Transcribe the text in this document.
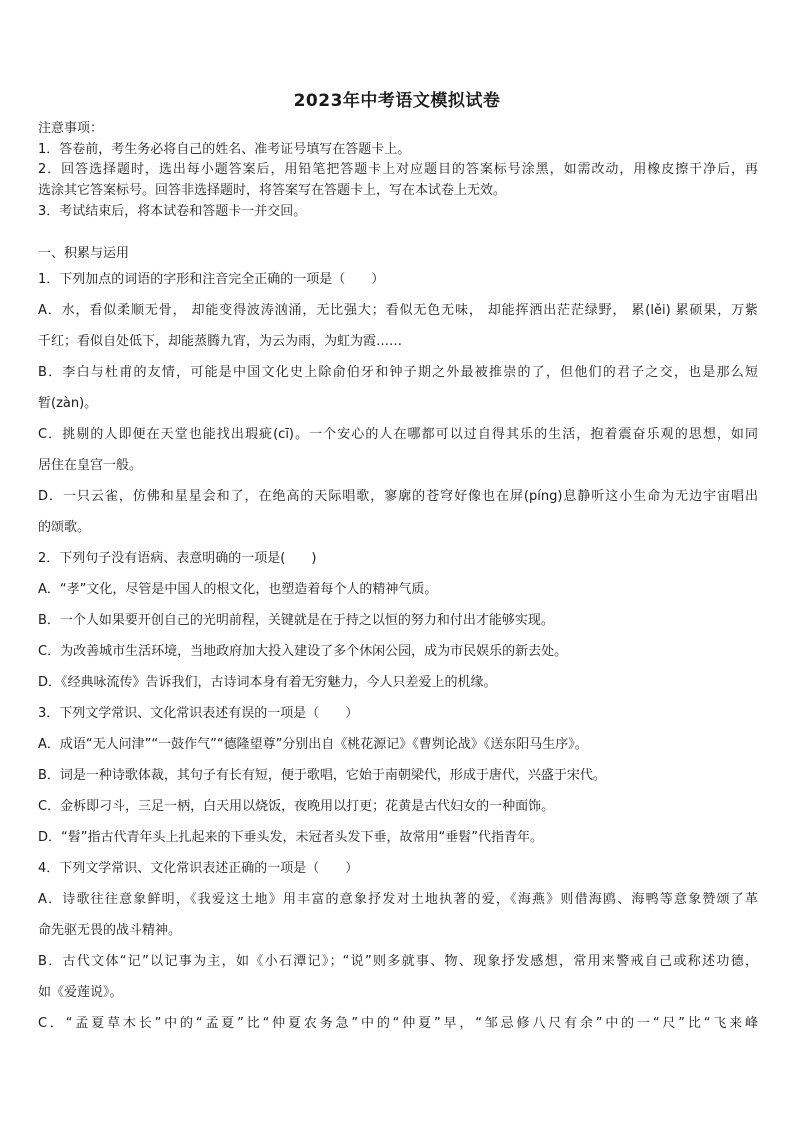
2023年中考语文模拟试卷
注意事项：
1．答卷前，考生务必将自己的姓名、准考证号填写在答题卡上。
2．回答选择题时，选出每小题答案后，用铅笔把答题卡上对应题目的答案标号涂黑，如需改动，用橡皮擦干净后，再
选涂其它答案标号。回答非选择题时，将答案写在答题卡上，写在本试卷上无效。
3．考试结束后，将本试卷和答题卡一并交回。
一、积累与运用
1．下列加点的词语的字形和注音完全正确的一项是（　　）
A．水，看似柔顺无骨， 却能变得波涛汹涌，无比强大；看似无色无味， 却能挥洒出茫茫绿野， 累(lěi) 累硕果，万紫
千红；看似自处低下，却能蒸腾九宵，为云为雨，为虹为霞……
B．李白与杜甫的友情，可能是中国文化史上除俞伯牙和钟子期之外最被推崇的了，但他们的君子之交，也是那么短
暂(zàn)。
C．挑剔的人即便在天堂也能找出瑕疵(cī)。一个安心的人在哪都可以过自得其乐的生活，抱着震奋乐观的思想，如同
居住在皇宫一般。
D．一只云雀，仿佛和星星会和了，在绝高的天际唱歌，寥廓的苍穹好像也在屏(píng)息静听这小生命为无边宇宙唱出
的颂歌。
2．下列句子没有语病、表意明确的一项是(　　)
A．“孝”文化，尽管是中国人的根文化，也塑造着每个人的精神气质。
B．一个人如果要开创自己的光明前程，关键就是在于持之以恒的努力和付出才能够实现。
C．为改善城市生活环境，当地政府加大投入建设了多个休闲公园，成为市民娱乐的新去处。
D．《经典咏流传》告诉我们，古诗词本身有着无穷魅力，今人只差爱上的机缘。
3．下列文学常识、文化常识表述有误的一项是（　　）
A．成语“无人问津”“一鼓作气”“德隆望尊”分别出自《桃花源记》《曹刿论战》《送东阳马生序》。
B．词是一种诗歌体裁，其句子有长有短，便于歌唱，它始于南朝梁代，形成于唐代，兴盛于宋代。
C．金柝即刁斗，三足一柄，白天用以烧饭，夜晚用以打更；花黄是古代妇女的一种面饰。
D．“髫”指古代青年头上扎起来的下垂头发，未冠者头发下垂，故常用“垂髫”代指青年。
4．下列文学常识、文化常识表述正确的一项是（　　）
A．诗歌往往意象鲜明，《我爱这土地》用丰富的意象抒发对土地执著的爱，《海燕》则借海鸥、海鸭等意象赞颂了革
命先驱无畏的战斗精神。
B．古代文体“记”以记事为主，如《小石潭记》；“说”则多就事、物、现象抒发感想，常用来警戒自己或称述功德，
如《爱莲说》。
C．“孟夏草木长”中的“孟夏”比“仲夏农务急”中的“仲夏”早，“邹忌修八尺有余”中的一“尺”比“飞来峰
